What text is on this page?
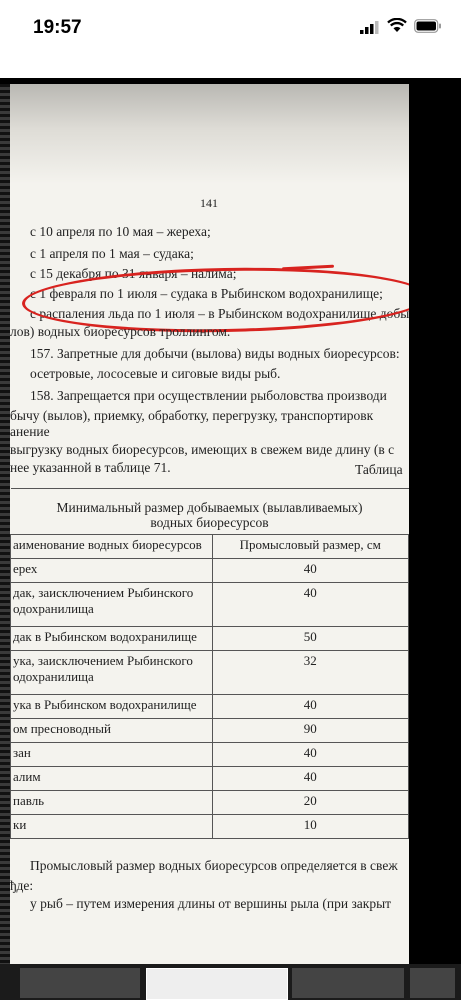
19:57
141
с 10 апреля по 10 мая – жереха;
с 1 апреля по 1 мая – судака;
с 15 декабря по 31 января – налима;
с 1 февраля по 1 июля – судака в Рыбинском водохранилище;
с распаления льда по 1 июля – в Рыбинском водохранилище добы
лов) водных биоресурсов троллингом.
157. Запретные для добычи (вылова) виды водных биоресурсов:
осетровые, лососевые и сиговые виды рыб.
158. Запрещается при осуществлении рыболовства производи
бычу (вылов), приемку, обработку, перегрузку, транспортировк
анение
выгрузку водных биоресурсов, имеющих в свежем виде длину (в с
нее указанной в таблице 71.	Таблица
Минимальный размер добываемых (вылавливаемых)
водных биоресурсов

аименование водных биоресурсов	Промысловый размер, см
ерех	40

дак, заисключением Рыбинского
одохранилища	40
дак в Рыбинском водохранилище	50

ука, заисключением Рыбинского
одохранилища	32
ука в Рыбинском водохранилище	40
ом пресноводный	90
зан	40
алим	40
павль	20
ки	10
Промысловый размер водных биоресурсов определяется в свеж
ђде:
у рыб – путем измерения длины от вершины рыла (при закрыт
